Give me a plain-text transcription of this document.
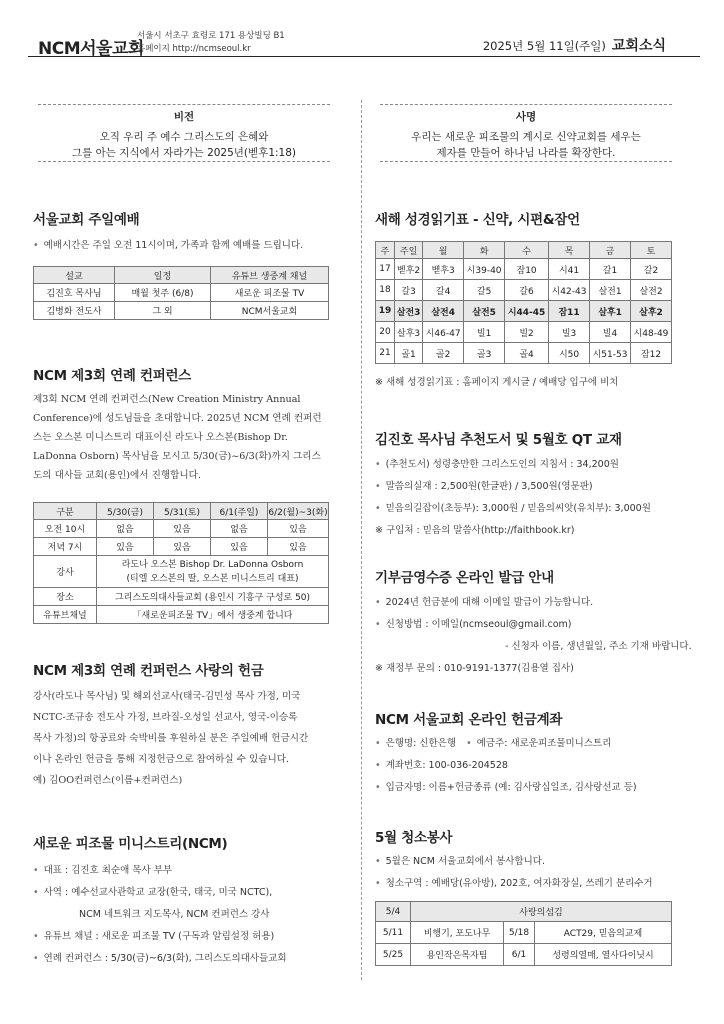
NCM서울교회
서울시 서초구 효령로 171 용상빌딩 B1
홈페이지 http://ncmseoul.kr	2025년 5월 11일(주일) 교회소식
비전
오직 우리 주 예수 그리스도의 은혜와
그를 아는 지식에서 자라가는 2025년(벧후1:18)
사명
우리는 새로운 피조물의 계시로 신약교회를 세우는
제자를 만들어 하나님 나라를 확장한다.
서울교회 주일예배
• 예배시간은 주일 오전 11시이며, 가족과 함께 예배를 드립니다.
설교	일정	유튜브 생중계 채널
김진호 목사님	매월 첫주 (6/8)	새로운 피조물 TV
김병화 전도사	그 외	NCM서울교회
NCM 제3회 연례 컨퍼런스
제3회 NCM 연례 컨퍼런스(New Creation Ministry Annual
Conference)에 성도님들을 초대합니다. 2025년 NCM 연례 컨퍼런
스는 오스본 미니스트리 대표이신 라도나 오스본(Bishop Dr.
LaDonna Osborn) 목사님을 모시고 5/30(금)~6/3(화)까지 그리스
도의 대사들 교회(용인)에서 진행합니다.
구분	5/30(금)	5/31(토)	6/1(주일)	6/2(월)~3(화)
오전 10시	없음	있음	없음	있음
저녁 7시	있음	있음	있음	있음
강사	라도나 오스본 Bishop Dr. LaDonna Osborn
(티엘 오스본의 딸, 오스본 미니스트리 대표)			

장소	그리스도의대사들교회 (용인시 기흥구 구성로 50)			
유튜브채널	「새로운피조물 TV」에서 생중계 합니다			
NCM 제3회 연례 컨퍼런스 사랑의 헌금
강사(라도나 목사님) 및 해외선교사(태국-김민성 목사 가정, 미국
NCTC-조규송 전도사 가정, 브라질-오성일 선교사, 영국-이승록
목사 가정)의 항공료와 숙박비를 후원하실 분은 주일예배 헌금시간
이나 온라인 헌금을 통해 지정헌금으로 참여하실 수 있습니다.
예) 김OO컨퍼런스(이름+컨퍼런스)
새로운 피조물 미니스트리(NCM)
• 대표 : 김진호 최순애 목사 부부
• 사역 : 예수선교사관학교 교장(한국, 태국, 미국 NCTC),
NCM 네트워크 지도목사, NCM 컨퍼런스 강사
• 유튜브 채널 : 새로운 피조물 TV (구독과 알림설정 허용)
• 연례 컨퍼런스 : 5/30(금)~6/3(화), 그리스도의대사들교회
새해 성경읽기표 - 신약, 시편&잠언
주	주일	월	화	수	목	금	토
17	벧후2	벧후3	시39-40	잠10	시41	갈1	갈2
18	갈3	갈4	갈5	갈6	시42-43	살전1	살전2
19	살전3	살전4	살전5	시44-45	잠11	살후1	살후2
20	살후3	시46-47	빌1	빌2	빌3	빌4	시48-49
21	골1	골2	골3	골4	시50	시51-53	잠12
※ 새해 성경읽기표 : 홈페이지 게시글 / 예배당 입구에 비치
김진호 목사님 추천도서 및 5월호 QT 교재
• (추천도서) 성령충만한 그리스도인의 지침서 : 34,200원
• 말씀의실재 : 2,500원(한글판) / 3,500원(영문판)
• 믿음의길잡이(초등부): 3,000원 / 믿음의씨앗(유치부): 3,000원
※ 구입처 : 믿음의 말씀사(http://faithbook.kr)
기부금영수증 온라인 발급 안내
• 2024년 헌금분에 대해 이메일 발급이 가능합니다.
• 신청방법 : 이메일(ncmseoul@gmail.com)
- 신청자 이름, 생년월일, 주소 기재 바랍니다.
※ 재정부 문의 : 010-9191-1377(김용열 집사)
NCM 서울교회 온라인 헌금계좌
• 은행명: 신한은행 • 예금주: 새로운피조물미니스트리
• 계좌번호: 100-036-204528
• 입금자명: 이름+헌금종류 (예: 김사랑십일조, 김사랑선교 등)
5월 청소봉사
• 5월은 NCM 서울교회에서 봉사합니다.
• 청소구역 : 예배당(유아방), 202호, 여자화장실, 쓰레기 분리수거
5/4	사랑의섬김		
5/11	비행기, 포도나무	5/18	ACT29, 믿음의교제
5/25	용인작은목자팀	6/1	성령의열매, 열사다이닛시
